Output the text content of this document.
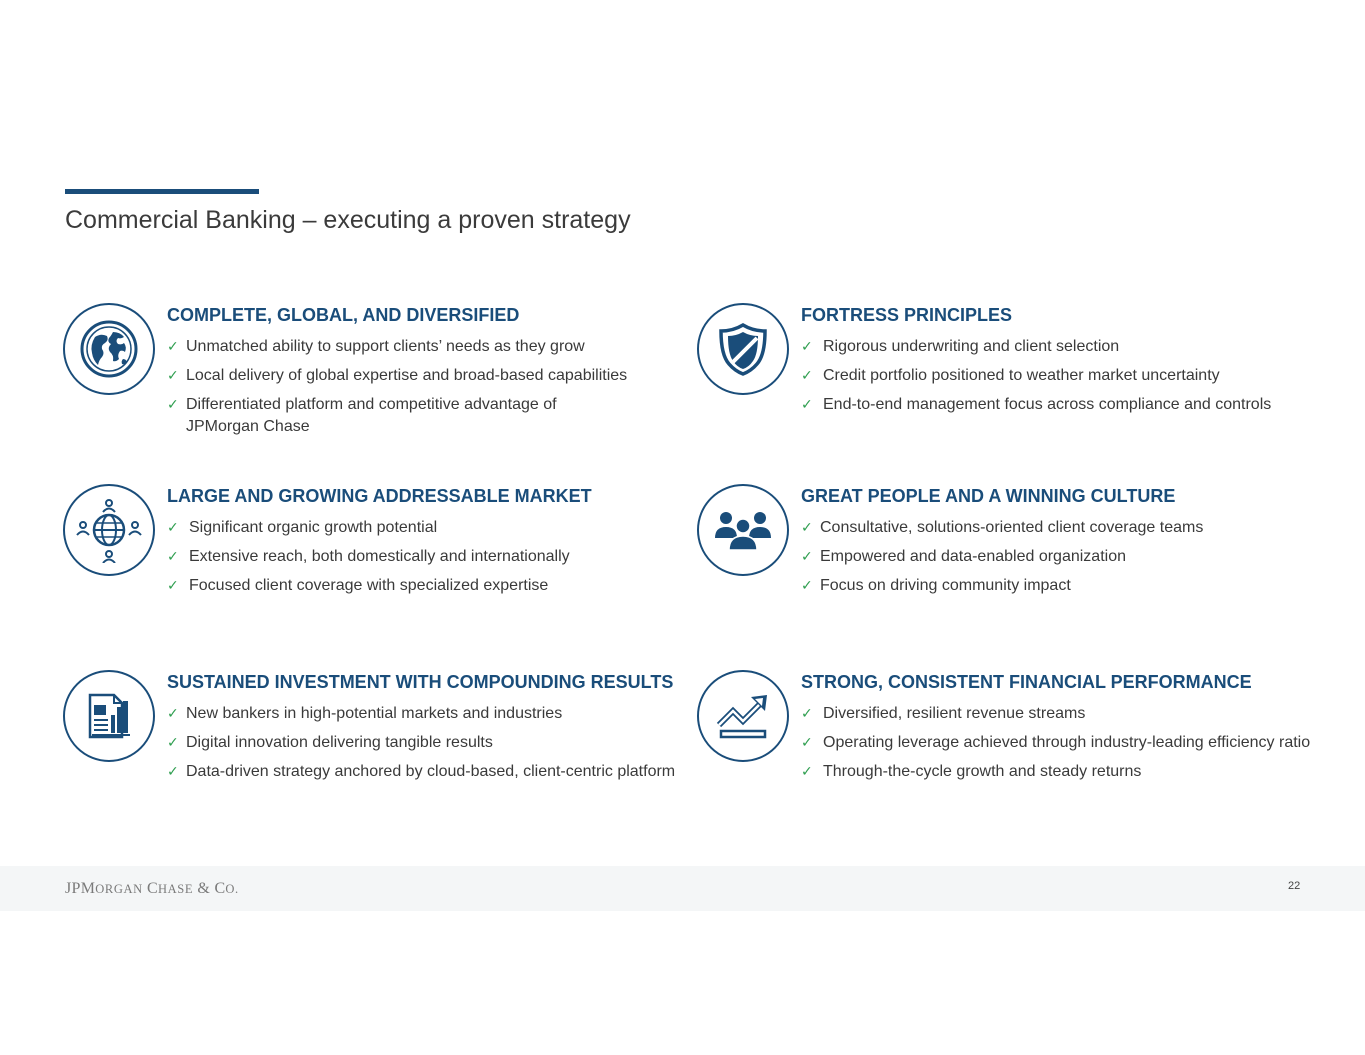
Commercial Banking – executing a proven strategy
COMPLETE, GLOBAL, AND DIVERSIFIED
✓ Unmatched ability to support clients’ needs as they grow
✓ Local delivery of global expertise and broad-based capabilities
✓ Differentiated platform and competitive advantage of JPMorgan Chase
FORTRESS PRINCIPLES
✓ Rigorous underwriting and client selection
✓ Credit portfolio positioned to weather market uncertainty
✓ End-to-end management focus across compliance and controls
LARGE AND GROWING ADDRESSABLE MARKET
✓ Significant organic growth potential
✓ Extensive reach, both domestically and internationally
✓ Focused client coverage with specialized expertise
GREAT PEOPLE AND A WINNING CULTURE
✓ Consultative, solutions-oriented client coverage teams
✓ Empowered and data-enabled organization
✓ Focus on driving community impact
SUSTAINED INVESTMENT WITH COMPOUNDING RESULTS
✓ New bankers in high-potential markets and industries
✓ Digital innovation delivering tangible results
✓ Data-driven strategy anchored by cloud-based, client-centric platform
STRONG, CONSISTENT FINANCIAL PERFORMANCE
✓ Diversified, resilient revenue streams
✓ Operating leverage achieved through industry-leading efficiency ratio
✓ Through-the-cycle growth and steady returns
JPMORGAN CHASE & CO.	22
